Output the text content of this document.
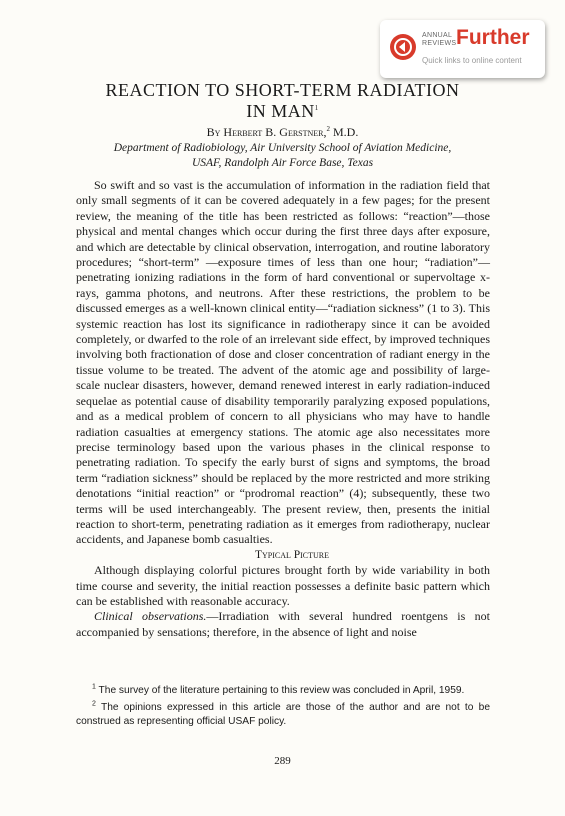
ANNUAL
REVIEWS Further
Quick links to online content
REACTION TO SHORT-TERM RADIATION
IN MAN$^1$
By Herbert B. Gerstner,$^2$ M.D.
Department of Radiobiology, Air University School of Aviation Medicine,
USAF, Randolph Air Force Base, Texas

So swift and so vast is the accumulation of information in the radiation field that only small segments of it can be covered adequately in a few pages; for the present review, the meaning of the title has been restricted as follows: “reaction”—those physical and mental changes which occur during the first three days after exposure, and which are detectable by clinical observation, interrogation, and routine laboratory procedures; “short-term” —exposure times of less than one hour; “radiation”—penetrating ionizing radiations in the form of hard conventional or supervoltage x-rays, gamma photons, and neutrons. After these restrictions, the problem to be discussed emerges as a well-known clinical entity—“radiation sickness” (1 to 3). This systemic reaction has lost its significance in radiotherapy since it can be avoided completely, or dwarfed to the role of an irrelevant side effect, by improved techniques involving both fractionation of dose and closer concentration of radiant energy in the tissue volume to be treated. The advent of the atomic age and possibility of large-scale nuclear disasters, however, demand renewed interest in early radiation-induced sequelae as potential cause of disability temporarily paralyzing exposed populations, and as a medical problem of concern to all physicians who may have to handle radiation casualties at emergency stations. The atomic age also necessitates more precise terminology based upon the various phases in the clinical response to penetrating radiation. To specify the early burst of signs and symptoms, the broad term “radiation sickness” should be replaced by the more restricted and more striking denotations “initial reaction” or “prodromal reaction” (4); subsequently, these two terms will be used interchangeably. The present review, then, presents the initial reaction to short-term, penetrating radiation as it emerges from radiotherapy, nuclear accidents, and Japanese bomb casualties.

Typical Picture

Although displaying colorful pictures brought forth by wide variability in both time course and severity, the initial reaction possesses a definite basic pattern which can be established with reasonable accuracy.

Clinical observations.—Irradiation with several hundred roentgens is not accompanied by sensations; therefore, in the absence of light and noise

$^1$ The survey of the literature pertaining to this review was concluded in April, 1959.

$^2$ The opinions expressed in this article are those of the author and are not to be construed as representing official USAF policy.

289
